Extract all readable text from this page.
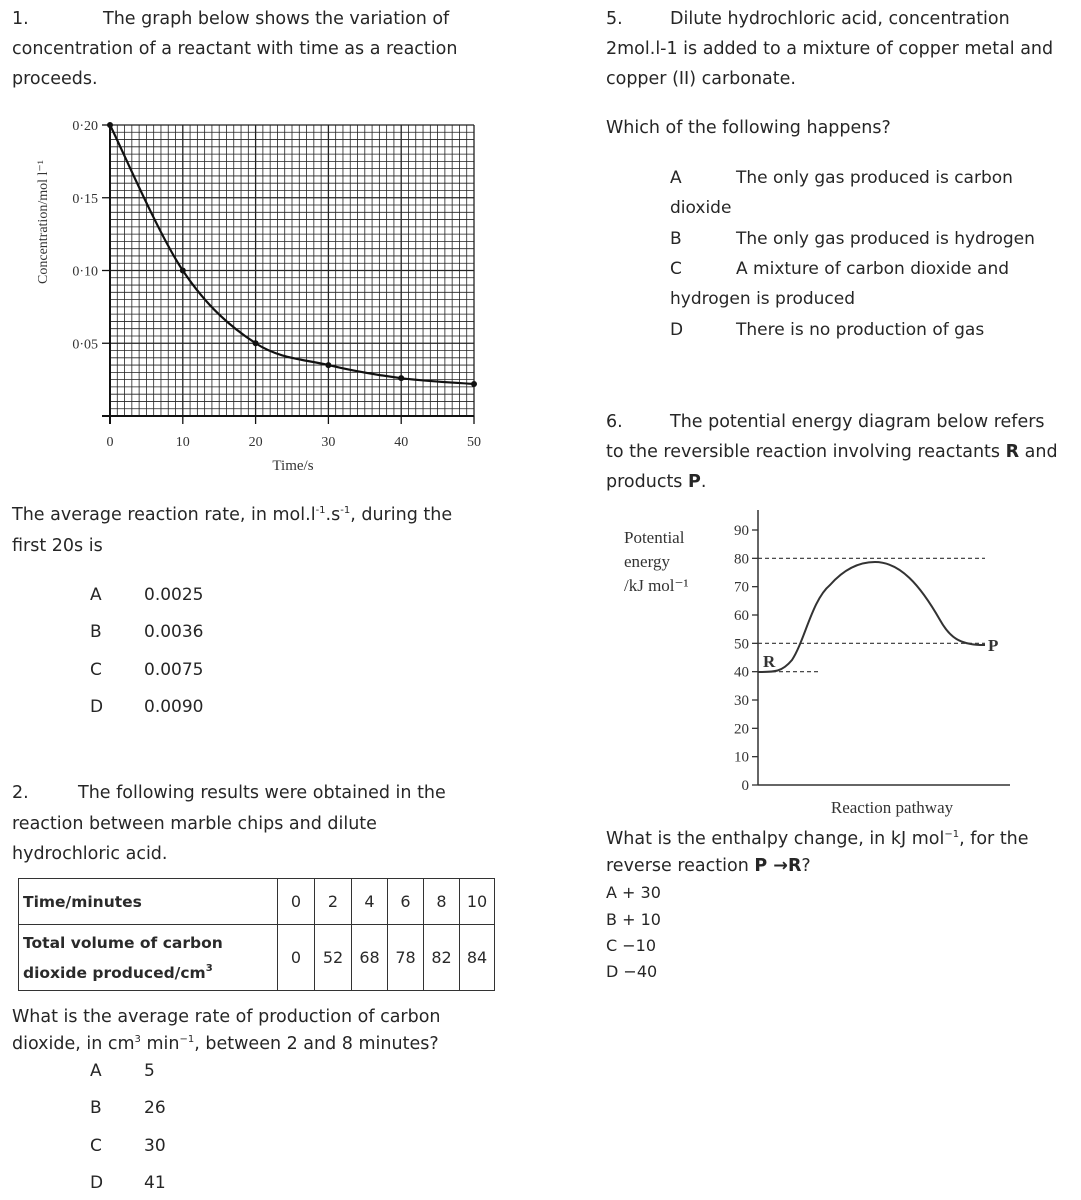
1.	The graph below shows the variation of
concentration of a reactant with time as a reaction
proceeds.
0	10	20	30	40	50
0·05
0·10
0·15
0·20
Time/s
Concentration/mol l⁻¹
The average reaction rate, in $mol.l^{-1}.s^{-1}$, during the
first 20s is
A 0.0025
B 0.0036
C 0.0075
D 0.0090
2.	The following results were obtained in the
reaction between marble chips and dilute
hydrochloric acid.
Time/minutes	0	2	4	6	8	10
Total volume of carbon
dioxide produced/$cm^3$	0	52	68	78	82	84
What is the average rate of production of carbon
dioxide, in $cm^3$ $\min^{-1}$, between 2 and 8 minutes?
A 5
B 26
C 30
D 41
5.	Dilute hydrochloric acid, concentration
2mol.l-1 is added to a mixture of copper metal and
copper (II) carbonate.
Which of the following happens?
A	The only gas produced is carbon
dioxide
B	The only gas produced is hydrogen
C	A mixture of carbon dioxide and
hydrogen is produced
D	There is no production of gas
6.	The potential energy diagram below refers
to the reversible reaction involving reactants R and
products P.
Potential
energy
/kJ mol⁻¹
0
10
20
30
40
50
60
70
80
90
R
P
Reaction pathway
What is the enthalpy change, in kJ mol$^{-1}$, for the
reverse reaction P →R?
A + 30
B + 10
C −10
D −40
